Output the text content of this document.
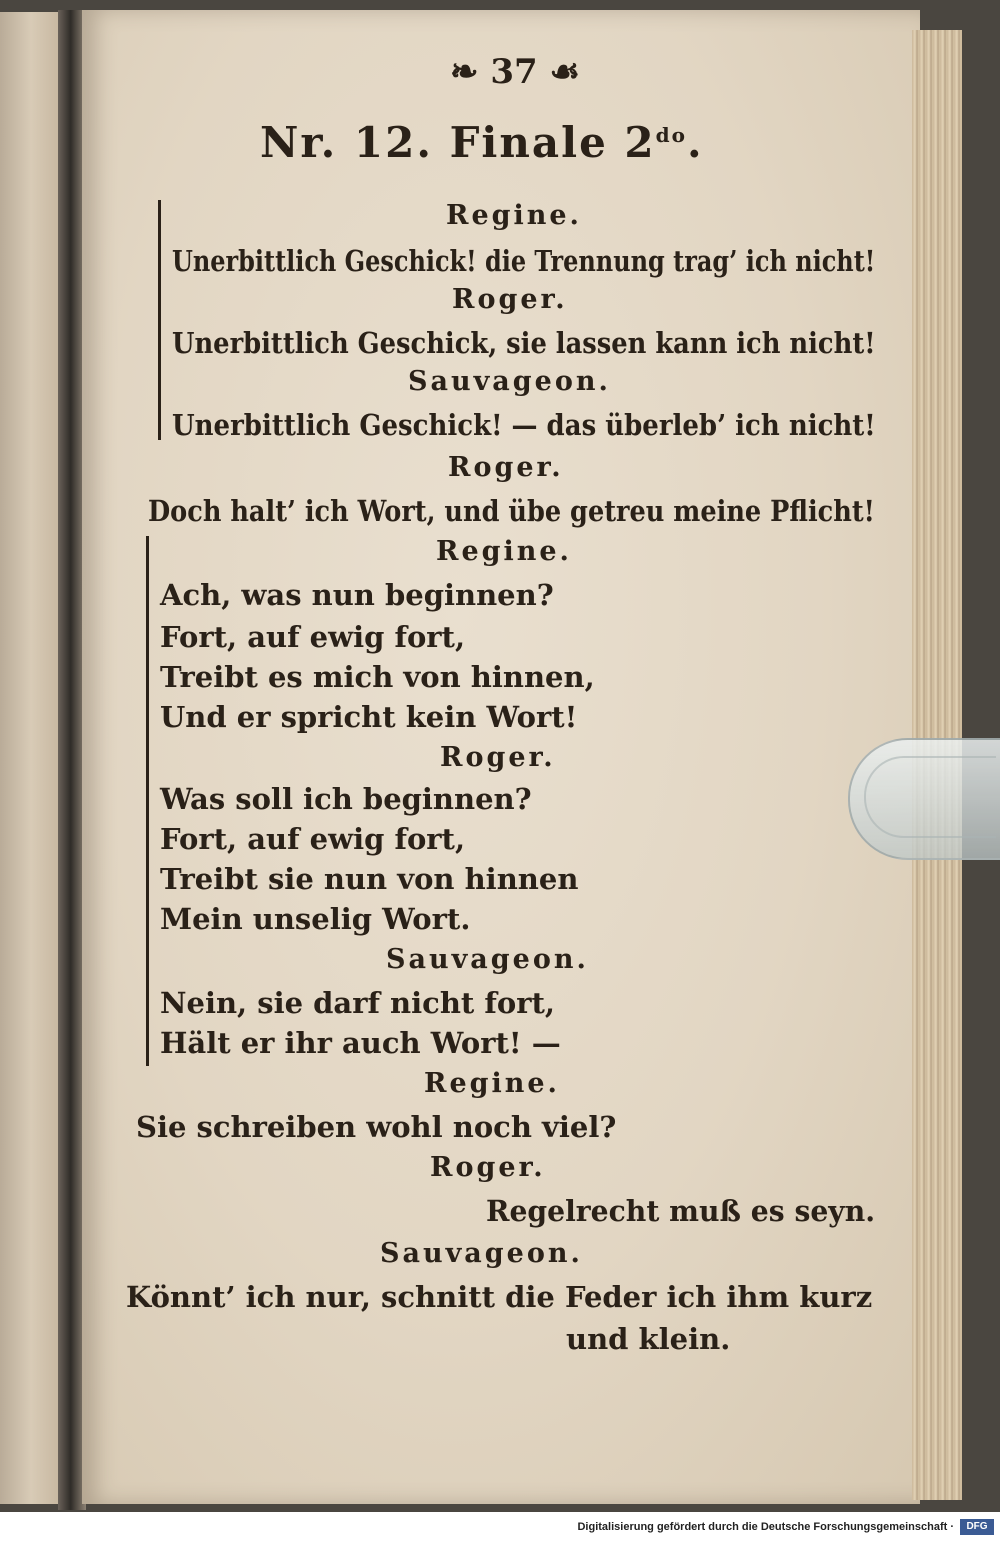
❧ 37 ☙
Nr. 12. Finale $2^{do}$.
Regine.
Unerbittlich Geschick! die Trennung trag’ ich nicht!
Roger.
Unerbittlich Geschick, sie lassen kann ich nicht!
Sauvageon.
Unerbittlich Geschick! — das überleb’ ich nicht!
Roger.
Doch halt’ ich Wort, und übe getreu meine Pflicht!
Regine.
Ach, was nun beginnen?
Fort, auf ewig fort,
Treibt es mich von hinnen,
Und er spricht kein Wort!
Roger.
Was soll ich beginnen?
Fort, auf ewig fort,
Treibt sie nun von hinnen
Mein unselig Wort.
Sauvageon.
Nein, sie darf nicht fort,
Hält er ihr auch Wort! —
Regine.
Sie schreiben wohl noch viel?
Roger.
Regelrecht muß es seyn.
Sauvageon.
Könnt’ ich nur, schnitt die Feder ich ihm kurz
und klein.
Digitalisierung gefördert durch die Deutsche Forschungsgemeinschaft ·	DFG
